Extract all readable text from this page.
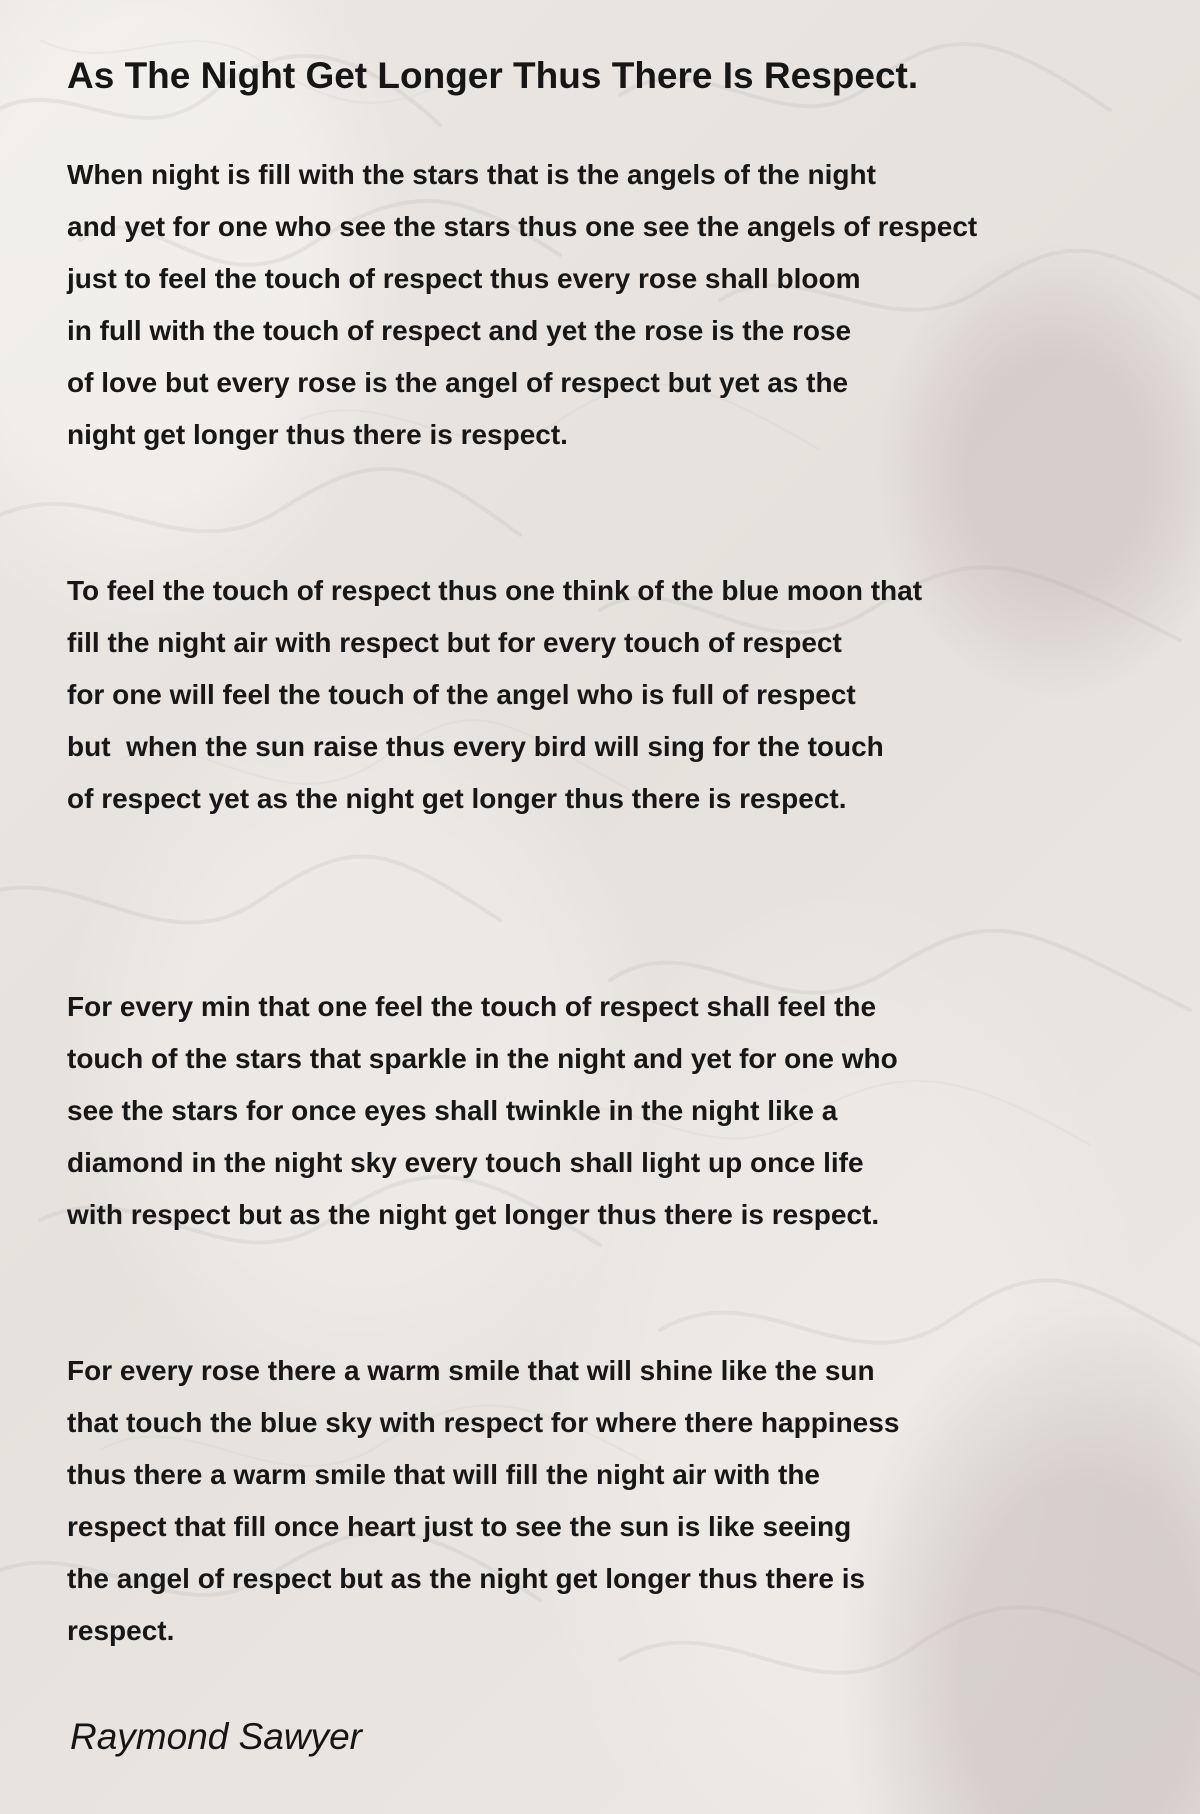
As The Night Get Longer Thus There Is Respect.
When night is fill with the stars that is the angels of the night
and yet for one who see the stars thus one see the angels of respect
just to feel the touch of respect thus every rose shall bloom
in full with the touch of respect and yet the rose is the rose
of love but every rose is the angel of respect but yet as the
night get longer thus there is respect.
To feel the touch of respect thus one think of the blue moon that
fill the night air with respect but for every touch of respect
for one will feel the touch of the angel who is full of respect
but  when the sun raise thus every bird will sing for the touch
of respect yet as the night get longer thus there is respect.
For every min that one feel the touch of respect shall feel the
touch of the stars that sparkle in the night and yet for one who
see the stars for once eyes shall twinkle in the night like a
diamond in the night sky every touch shall light up once life
with respect but as the night get longer thus there is respect.
For every rose there a warm smile that will shine like the sun
that touch the blue sky with respect for where there happiness
thus there a warm smile that will fill the night air with the
respect that fill once heart just to see the sun is like seeing
the angel of respect but as the night get longer thus there is
respect.

Raymond Sawyer
